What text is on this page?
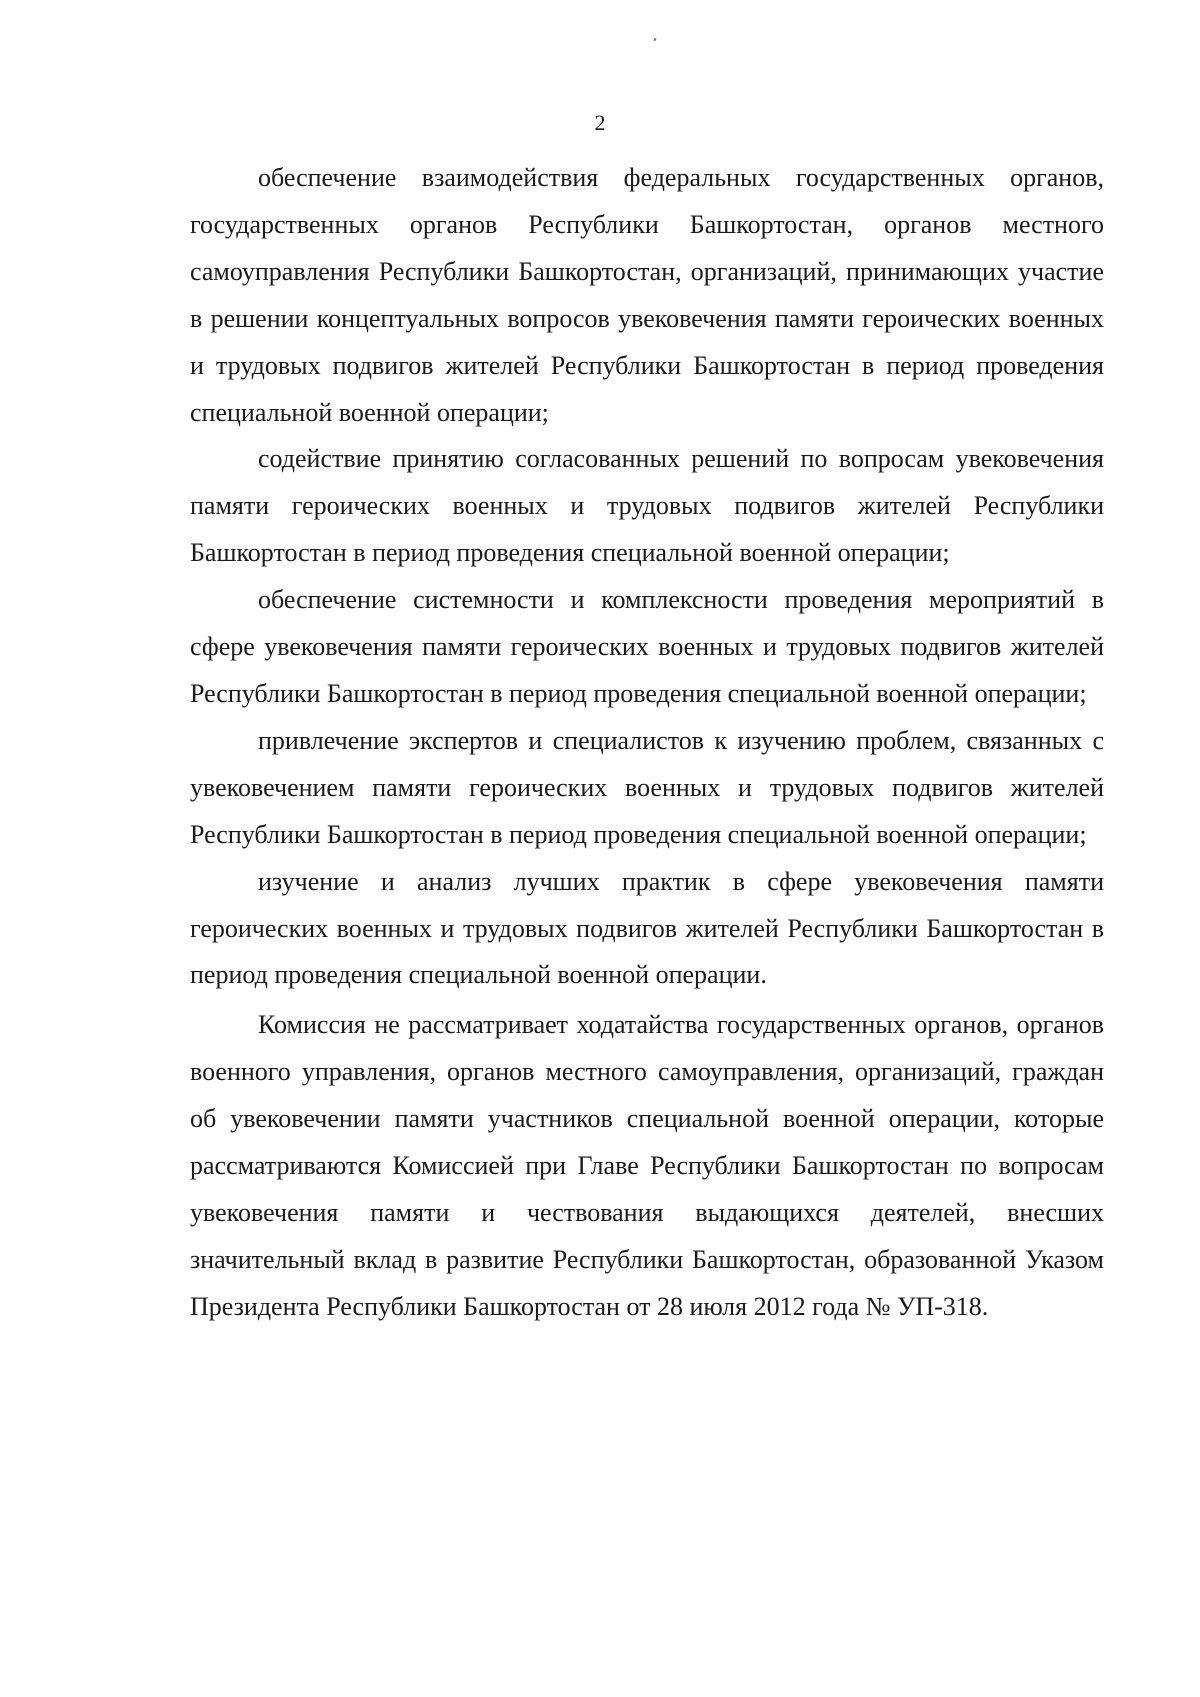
2

обеспечение взаимодействия федеральных государственных органов, государственных органов Республики Башкортостан, органов местного самоуправления Республики Башкортостан, организаций, принимающих участие в решении концептуальных вопросов увековечения памяти героических военных и трудовых подвигов жителей Республики Башкортостан в период проведения специальной военной операции;

содействие принятию согласованных решений по вопросам увековечения памяти героических военных и трудовых подвигов жителей Республики Башкортостан в период проведения специальной военной операции;

обеспечение системности и комплексности проведения мероприятий в сфере увековечения памяти героических военных и трудовых подвигов жителей Республики Башкортостан в период проведения специальной военной операции;

привлечение экспертов и специалистов к изучению проблем, связанных с увековечением памяти героических военных и трудовых подвигов жителей Республики Башкортостан в период проведения специальной военной операции;

изучение и анализ лучших практик в сфере увековечения памяти героических военных и трудовых подвигов жителей Республики Башкортостан в период проведения специальной военной операции.

Комиссия не рассматривает ходатайства государственных органов, органов военного управления, органов местного самоуправления, организаций, граждан об увековечении памяти участников специальной военной операции, которые рассматриваются Комиссией при Главе Республики Башкортостан по вопросам увековечения памяти и чествования выдающихся деятелей, внесших значительный вклад в развитие Республики Башкортостан, образованной Указом Президента Республики Башкортостан от 28 июля 2012 года № УП-318.
